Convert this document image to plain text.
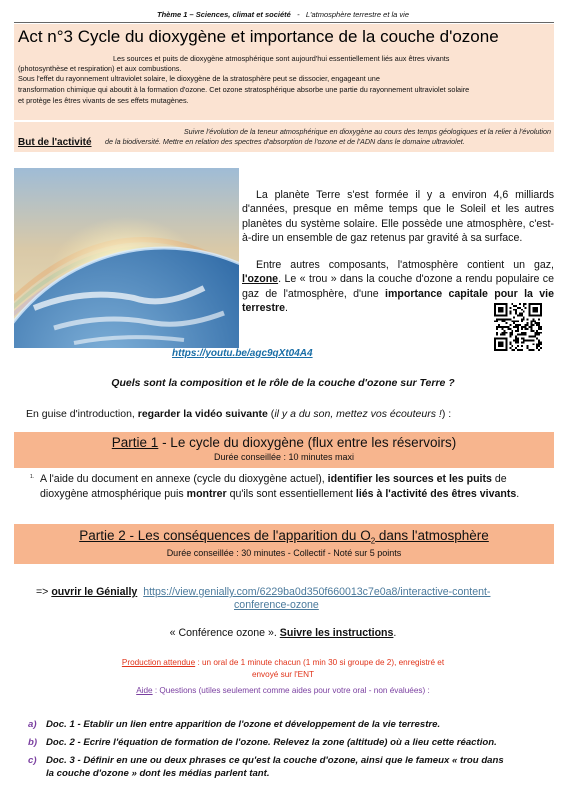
Thème 1 – Sciences, climat et société - L'atmosphère terrestre et la vie
Act n°3 Cycle du dioxygène et importance de la couche d'ozone
Les sources et puits de dioxygène atmosphérique sont aujourd'hui essentiellement liés aux êtres vivants
(photosynthèse et respiration) et aux combustions.
Sous l'effet du rayonnement ultraviolet solaire, le dioxygène de la stratosphère peut se dissocier, engageant une
transformation chimique qui aboutit à la formation d'ozone. Cet ozone stratosphérique absorbe une partie du rayonnement ultraviolet solaire
et protège les êtres vivants de ses effets mutagènes.
But de l'activité
Suivre l'évolution de la teneur atmosphérique en dioxygène au cours des temps géologiques et la relier à l'évolution
de la biodiversité. Mettre en relation des spectres d'absorption de l'ozone et de l'ADN dans le domaine ultraviolet.
La planète Terre s'est formée il y a environ 4,6 milliards d'années, presque en même temps que le Soleil et les autres planètes du système solaire. Elle possède une atmosphère, c'est-à-dire un ensemble de gaz retenus par gravité à sa surface.
Entre autres composants, l'atmosphère contient un gaz, l'ozone. Le « trou » dans la couche d'ozone a rendu populaire ce gaz de l'atmosphère, d'une importance capitale pour la vie terrestre.
https://youtu.be/agc9qXt04A4
Quels sont la composition et le rôle de la couche d'ozone sur Terre ?
En guise d'introduction, regarder la vidéo suivante (il y a du son, mettez vos écouteurs !) :
Partie 1 - Le cycle du dioxygène (flux entre les réservoirs)
Durée conseillée : 10 minutes maxi
1. A l'aide du document en annexe (cycle du dioxygène actuel), identifier les sources et les puits de dioxygène atmosphérique puis montrer qu'ils sont essentiellement liés à l'activité des êtres vivants.
Partie 2 - Les conséquences de l'apparition du $O_2$ dans l'atmosphère
Durée conseillée : 30 minutes - Collectif - Noté sur 5 points
=> ouvrir le Génially https://view.genially.com/6229ba0d350f660013c7e0a8/interactive-content-
conference-ozone
« Conférence ozone ». Suivre les instructions.
Production attendue : un oral de 1 minute chacun (1 min 30 si groupe de 2), enregistré et
envoyé sur l'ENT
Aide : Questions (utiles seulement comme aides pour votre oral - non évaluées) :
a) Doc. 1 - Etablir un lien entre apparition de l'ozone et développement de la vie terrestre.
b) Doc. 2 - Ecrire l'équation de formation de l'ozone. Relevez la zone (altitude) où a lieu cette réaction.
c) Doc. 3 - Définir en une ou deux phrases ce qu'est la couche d'ozone, ainsi que le fameux « trou dans
la couche d'ozone » dont les médias parlent tant.
